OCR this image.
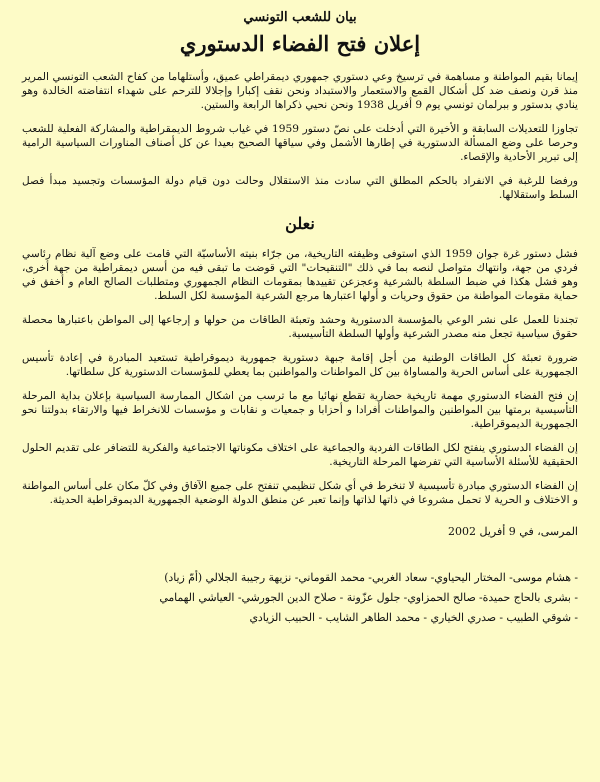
بيان للشعب التونسي
إعلان فتح الفضاء الدستوري

إيمانا بقيم المواطنة و مساهمة في ترسيخ وعي دستوري جمهوري ديمقراطي عميق، وأستلهاما من كفاح الشعب التونسي المرير منذ قرن ونصف ضد كل أشكال القمع والاستعمار والاستبداد ونحن نقف إكبارا وإجلالا للترحم على شهداء انتفاضته الخالدة وهو ينادي بدستور و ببرلمان تونسي يوم 9 أفريل 1938 ونحن نحيي ذكراها الرابعة والستين.

تجاوزا للتعديلات السابقة و الأخيرة التي أدخلت على نصّ دستور 1959 في غياب شروط الديمقراطية والمشاركة الفعلية للشعب وحرصا على وضع المسألة الدستورية في إطارها الأشمل وفي سياقها الصحيح بعيدا عن كل أصناف المناورات السياسية الرامية إلى تبرير الأحادية والإقصاء.

ورفضا للرغبة في الانفراد بالحكم المطلق التي سادت منذ الاستقلال وحالت دون قيام دولة المؤسسات وتجسيد مبدأ فصل السلط واستقلالها.

نعلن

فشل دستور غرة جوان 1959 الذي استوفى وظيفته التاريخية، من جرّاء بنيته الأساسيّة التي قامت على وضع آلية نظام رئاسي فردي من جهة، وانتهاك متواصل لنصه بما في ذلك "التنقيحات" التي قوضت ما تبقى فيه من أسس ديمقراطية من جهة أخرى، وهو فشل هكذا في ضبط السلطة بالشرعية وعجزعن تقييدها بمقومات النظام الجمهوري ومتطلبات الصالح العام و أخفق في حماية مقومات المواطنة من حقوق وحريات و أولها اعتبارها مرجع الشرعية المؤسسة لكل السلط.

تجندنا للعمل على نشر الوعي بالمؤسسة الدستورية وحشد وتعبئة الطاقات من حولها و إرجاعها إلى المواطن باعتبارها محصلة حقوق سياسية تجعل منه مصدر الشرعية وأولها السلطة التأسيسية.

ضرورة تعبئة كل الطاقات الوطنية من أجل إقامة جبهة دستورية جمهورية ديموقراطية تستعيد المبادرة في إعادة تأسيس الجمهورية على أساس الحرية والمساواة بين كل المواطنات والمواطنين بما يعطي للمؤسسات الدستورية كل سلطاتها.

إن فتح الفضاء الدستوري مهمة تاريخية حضارية تقطع نهائيا مع ما ترسب من اشكال الممارسة السياسية بإعلان بداية المرحلة التأسيسية برمتها بين المواطنين والمواطنات أفرادا و أحزابا و جمعيات و نقابات و مؤسسات للانخراط فيها والارتقاء بدولتنا نحو الجمهورية الديموقراطية.

إن الفضاء الدستوري ينفتح لكل الطاقات الفردية والجماعية على اختلاف مكوناتها الاجتماعية والفكرية للتضافر على تقديم الحلول الحقيقية للأسئلة الأساسية التي تفرضها المرحلة التاريخية.

إن الفضاء الدستوري مبادرة تأسيسية لا تنخرط في أي شكل تنظيمي تنفتح على جميع الآفاق وفي كلّ مكان على أساس المواطنة و الاختلاف و الحرية لا تحمل مشروعا في ذاتها لذاتها وإنما تعبر عن منطق الدولة الوضعية الجمهورية الديموقراطية الحديثة.

المرسى، في 9 أفريل 2002

- هشام موسى- المختار اليحياوي- سعاد الغربي- محمد القوماني- نزيهة رجيبة الجلالي (أمّ زياد)

- بشرى بالحاج حميدة- صالح الحمزاوي- جلول عزّونة - صلاح الدين الجورشي- العياشي الهمامي

- شوقي الطبيب - صدري الخياري - محمد الطاهر الشايب - الحبيب الزيادي
